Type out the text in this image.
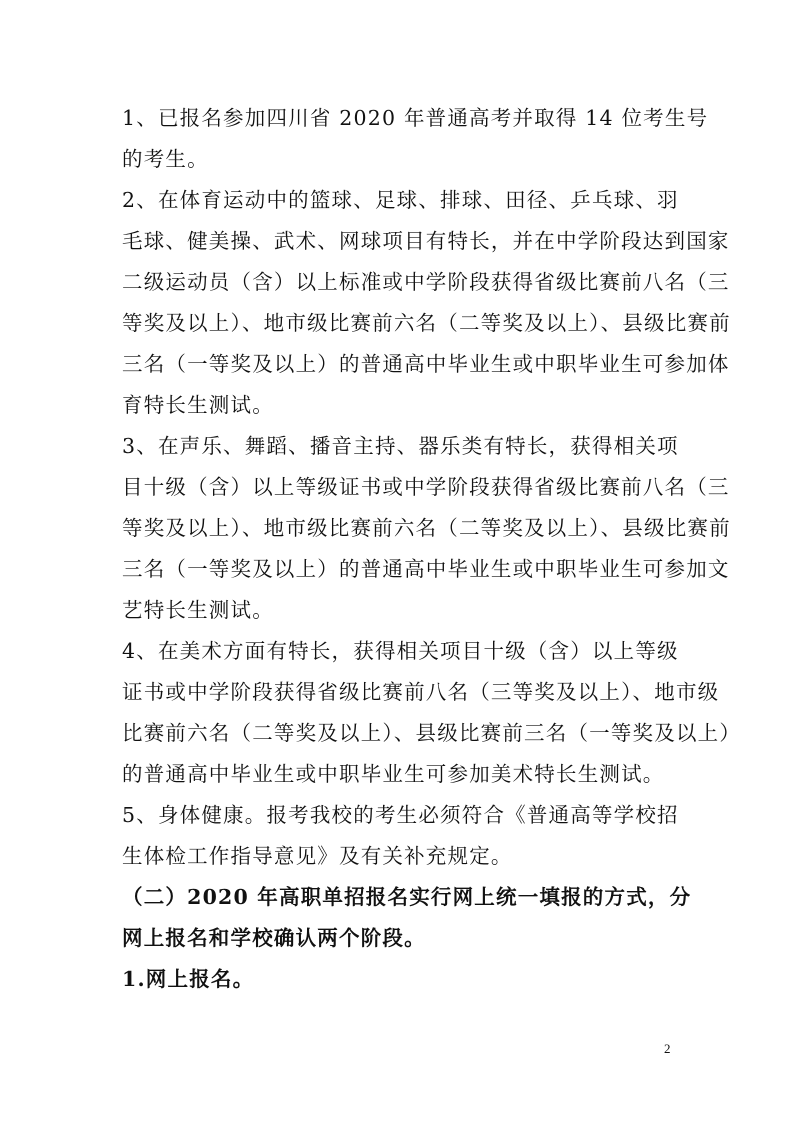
1、已报名参加四川省 2020 年普通高考并取得 14 位考生号
的考生。
2、在体育运动中的篮球、足球、排球、田径、乒乓球、羽
毛球、健美操、武术、网球项目有特长，并在中学阶段达到国家
二级运动员（含）以上标准或中学阶段获得省级比赛前八名（三
等奖及以上）、地市级比赛前六名（二等奖及以上）、县级比赛前
三名（一等奖及以上）的普通高中毕业生或中职毕业生可参加体
育特长生测试。
3、在声乐、舞蹈、播音主持、器乐类有特长，获得相关项
目十级（含）以上等级证书或中学阶段获得省级比赛前八名（三
等奖及以上）、地市级比赛前六名（二等奖及以上）、县级比赛前
三名（一等奖及以上）的普通高中毕业生或中职毕业生可参加文
艺特长生测试。
4、在美术方面有特长，获得相关项目十级（含）以上等级
证书或中学阶段获得省级比赛前八名（三等奖及以上）、地市级
比赛前六名（二等奖及以上）、县级比赛前三名（一等奖及以上）
的普通高中毕业生或中职毕业生可参加美术特长生测试。
5、身体健康。报考我校的考生必须符合《普通高等学校招
生体检工作指导意见》及有关补充规定。
（二）2020 年高职单招报名实行网上统一填报的方式，分
网上报名和学校确认两个阶段。
1.网上报名。
2
